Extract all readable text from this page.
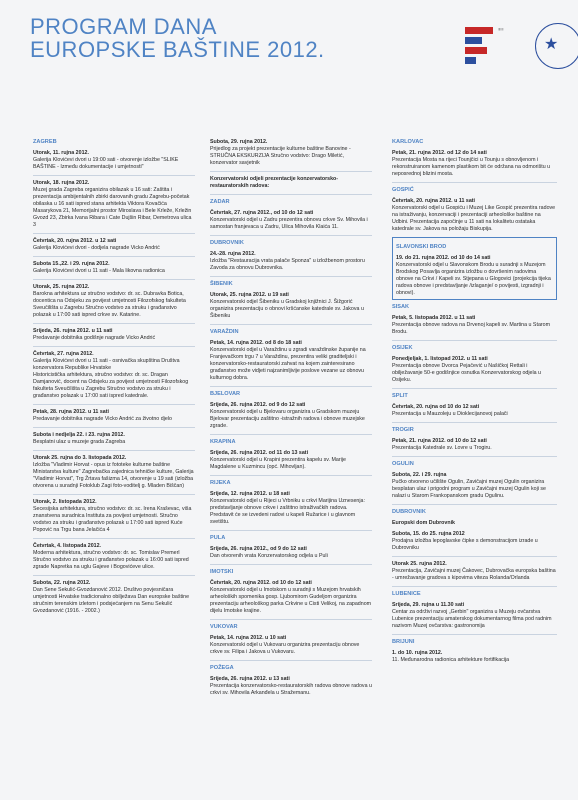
PROGRAM DANA
EUROPSKE BAŠTINE 2012.
|||||||
★
ZAGREB
Utorak, 11. rujna 2012.
Galerija Klovićevi dvori u 19:00 sati - otvorenje izložbe "SLIKE BAŠTINE - Između dokumentacije i umjetnosti"
Utorak, 18. rujna 2012.
Muzej grada Zagreba organizira obilazak u 16 sati: Zaštita i prezentacija ambijentalnih zbirki darovanih gradu Zagrebu-početak obilaska u 16 sati ispred stana arhitekta Viktora Kovačića Masarykova 21, Memorijalni prostor Miroslava i Bele Krleže, Krležin Gvozd 23, Zbirka Ivana Ribara i Cate Dujšin Ribar, Demetrova ulica 3
Četvrtak, 20. rujna 2012. u 12 sati
Galerija Klovićevi dvori - dodjela nagrade Vicko Andrić
Subota 15.,22. i 29. rujna 2012.
Galerija Klovićevi dvori u 11 sati - Mala likovna radionica
Utorak, 25. rujna 2012.
Barokna arhitektura uz stručno vodstvo: dr. sc. Dubravka Botica, docentica na Odsjeku za povijest umjetnosti Filozofskog fakulteta Sveučilišta u Zagrebu Stručno vodstvo za struku i građanstvo polazak u 17:00 sati ispred crkve sv. Katarine.
Srijeda, 26. rujna 2012. u 11 sati
Predavanje dobitnika godišnje nagrade Vicko Andrić
Četvrtak, 27. rujna 2012.
Galerija Klovićevi dvori u 11 sati - osnivačka skupština Društva konzervatora Republike Hrvatske
Historicistička arhitektura, stručno vodstvo: dr. sc. Dragan Damjanović, docent na Odsjeku za povijest umjetnosti Filozofskog fakulteta Sveučilišta u Zagrebu Stručno vodstvo za struku i građanstvo polazak u 17:00 sati ispred katedrale.
Petak, 28. rujna 2012. u 11 sati
Predavanje dobitnika nagrade Vicko Andrić za životno djelo
Subota i nedjelja 22. i 23. rujna 2012.
Besplatni ulaz u muzeje grada Zagreba
Utorak 25. rujna do 3. listopada 2012.
Izložba "Vladimir Horvat - opus iz fototeke kulturne baštine Ministarstva kulture" Zagrebačka zajednica tehničke kulture, Galerija "Vladimir Horvat", Trg Žrtava fašizma 14, otvorenje u 19 sati (izložba otvorena u suradnji Fotoklub Zagi foto-voditelj g. Mladen Biščan)
Utorak, 2. listopada 2012.
Secesijska arhitektura, stručno vodstvo: dr. sc. Irena Kraševac, viša znanstvena suradnica Instituta za povijest umjetnosti. Stručno vodstvo za struku i građanstvo polazak u 17:00 sati ispred Kuće Popović na Trgu bana Jelačića 4
Četvrtak, 4. listopada 2012.
Moderna arhitektura, stručno vodstvo: dr. sc. Tomislav Premerl Stručno vodstvo za struku i građanstvo polazak u 16:00 sati ispred zgrade Napretka na uglu Gajeve i Bogovićeve ulice.
Subota, 22. rujna 2012.
Dan Sene Sekulić-Gvozdanović 2012. Društvo povjesničara umjetnosti Hrvatske tradicionalno obilježava Dan europske baštine stručnim terenskim izletom i podsjećanjem na Senu Sekulić Gvozdanović (1916. - 2002.)
Subota, 29. rujna 2012.
Prijedlog za projekt prezentacije kulturne baštine Banovine - STRUČNA EKSKURZIJA Stručno vodstvo: Drago Miletić, konzervator savjetnik
Konzervatorski odjeli prezentacije konzervatorsko-restauratorskih radova:
ZADAR
Četvrtak, 27. rujna 2012., od 10 do 12 sati
Konzervatorski odjel u Zadru prezentira obnovu crkve Sv. Mihovila i samostan franjevaca u Zadru, Ulica Mihovila Klaića 11.
DUBROVNIK
24.-28. rujna 2012.
Izložba "Restauracija vrata palače Sponza" u izložbenom prostoru Zavoda za obnovu Dubrovnika.
ŠIBENIK
Utorak, 25. rujna 2012. u 19 sati
Konzervatorski odjel Šibeniku u Gradskoj knjižnici J. Šižgorić organizira prezentaciju o obnovi kršćanske katedrale sv. Jakova u Šibeniku
VARAŽDIN
Petak, 14. rujna 2012. od 8 do 18 sati
Konzervatorski odjel u Varaždinu u zgradi varaždinske županije na Franjevačkom trgu 7 u Varaždinu, prezentira veliki graditeljski i konzervatorsko-restauratorski zahvat na kojem zainteresirano građanstvo može vidjeti najzanimljivije poslove vezane uz obnovu kulturnog dobra.
BJELOVAR
Srijeda, 26. rujna 2012. od 9 do 12 sati
Konzervatorski odjel u Bjelovaru organizira u Gradskom muzeju Bjelovar prezentaciju zaštitno -istražnih radova i obnove muzejske zgrade.
KRAPINA
Srijeda, 26. rujna 2012. od 11 do 13 sati
Konzervatorski odjel u Krapini prezentira kapelu sv. Marije Magdalene u Kuzmincu (opć. Mihovljan).
RIJEKA
Srijeda, 12. rujna 2012. u 18 sati
Konzervatorski odjel u Rijeci u Vrbniku u crkvi Marijina Uznesenja: predstavljanje obnove crkve i zaštitno istraživačkih radova. Predstavit će se izvedeni radovi u kapeli Ružarice i u glavnom svetištu.
PULA
Srijeda, 26. rujna 2012., od 9 do 12 sati
Dan otvorenih vrata Konzervatorskog odjela u Puli
IMOTSKI
Četvrtak, 20. rujna 2012. od 10 do 12 sati
Konzervatorski odjel u Imotskom u suradnji s Muzejom hrvatskih arheoloških spomenika gosp. Ljubomirom Gudeljom organizira prezentaciju arheološkog parka Crkvine u Cisti Velikoj, na zapadnom dijelu Imotske krajine.
VUKOVAR
Petak, 14. rujna 2012. u 10 sati
Konzervatorski odjel u Vukovaru organizira prezentaciju obnove crkve sv. Filipa i Jakova u Vukovaru.
POŽEGA
Srijeda, 26. rujna 2012. u 13 sati
Prezentacija konzervatorsko-restauratorskih radova obnove radova u crkvi sv. Mihovila Arkanđela u Stražemanu.
KARLOVAC
Petak, 21. rujna 2012. od 12 do 14 sati
Prezentacija Mosta na rijeci Tounjčici u Tounju s obnovljenom i rekonstruiranom kamenom plastikom bit će održana na odmorištu u neposrednoj blizini mosta.
GOSPIĆ
Četvrtak, 20. rujna 2012. u 11 sati
Konzervatorski odjel u Gospiću i Muzej Like Gospić prezentira radove na istraživanju, konzervaciji i prezentaciji arheološke baštine na Udbini. Prezentacija započinje u 11 sati na lokalitetu ostataka katedrale sv. Jakova na položaju Biskupija.
SLAVONSKI BROD
19. do 21. rujna 2012. od 10 do 14 sati
Konzervatorski odjel u Slavonskom Brodu u suradnji s Muzejom Brodskog Posavlja organizira izložbu o dovršenim radovima obnove na Crkvi / Kapeli sv. Stjepana u Glogovici (projekcija tijeka radova obnove i predstavljanje /izlaganje/ o povijesti, izgradnji i obnovi).
SISAK
Petak, 5. listopada 2012. u 11 sati
Prezentacija obnove radova na Drvenoj kapeli sv. Martina u Starom Brodu.
OSIJEK
Ponedjeljak, 1. listopad 2012. u 11 sati
Prezentacija obnove Dvorca Pejačević u Našičkoj Rettali i obilježavanje 50-e godišnjice osnutka Konzervatorskog odjela u Osijeku.
SPLIT
Četvrtak, 20. rujna od 10 do 12 sati
Prezentacija u Mauzoleju u Dioklecijanovoj palači
TROGIR
Petak, 21. rujna 2012. od 10 do 12 sati
Prezentacija Katedrale sv. Lovre u Trogiru.
OGULIN
Subota, 22. i 29. rujna
Pučko otvoreno učilište Ogulin, Zavičajni muzej Ogulin organizira besplatan ulaz i prigodni program u Zavičajni muzej Ogulin koji se nalazi u Starom Frankopanskom gradu Ogulinu.
DUBROVNIK
Europski dom Dubrovnik
Subota, 15. do 25. rujna 2012
Prodajna izložba lepoglavske čipke s demonstracijom izrade u Dubrovniku
Utorak 25. rujna 2012.
Prezentacija, Zavičajni muzej Čakovec, Dubrovačka europska baština - umrežavanje gradova s kipovima viteza Rolanda/Orlanda
LUBENICE
Srijeda, 29. rujna u 11.30 sati
Centar za održivi razvoj „Gerbin" organizira u Muzeju ovčarstva Lubenice prezentaciju amaterskog dokumentarnog filma pod radnim nazivom Muzej ovčarstva: gastronomija
BRIJUNI
1. do 10. rujna 2012.
11. Međunarodna radionica arhitekture fortifikacija
